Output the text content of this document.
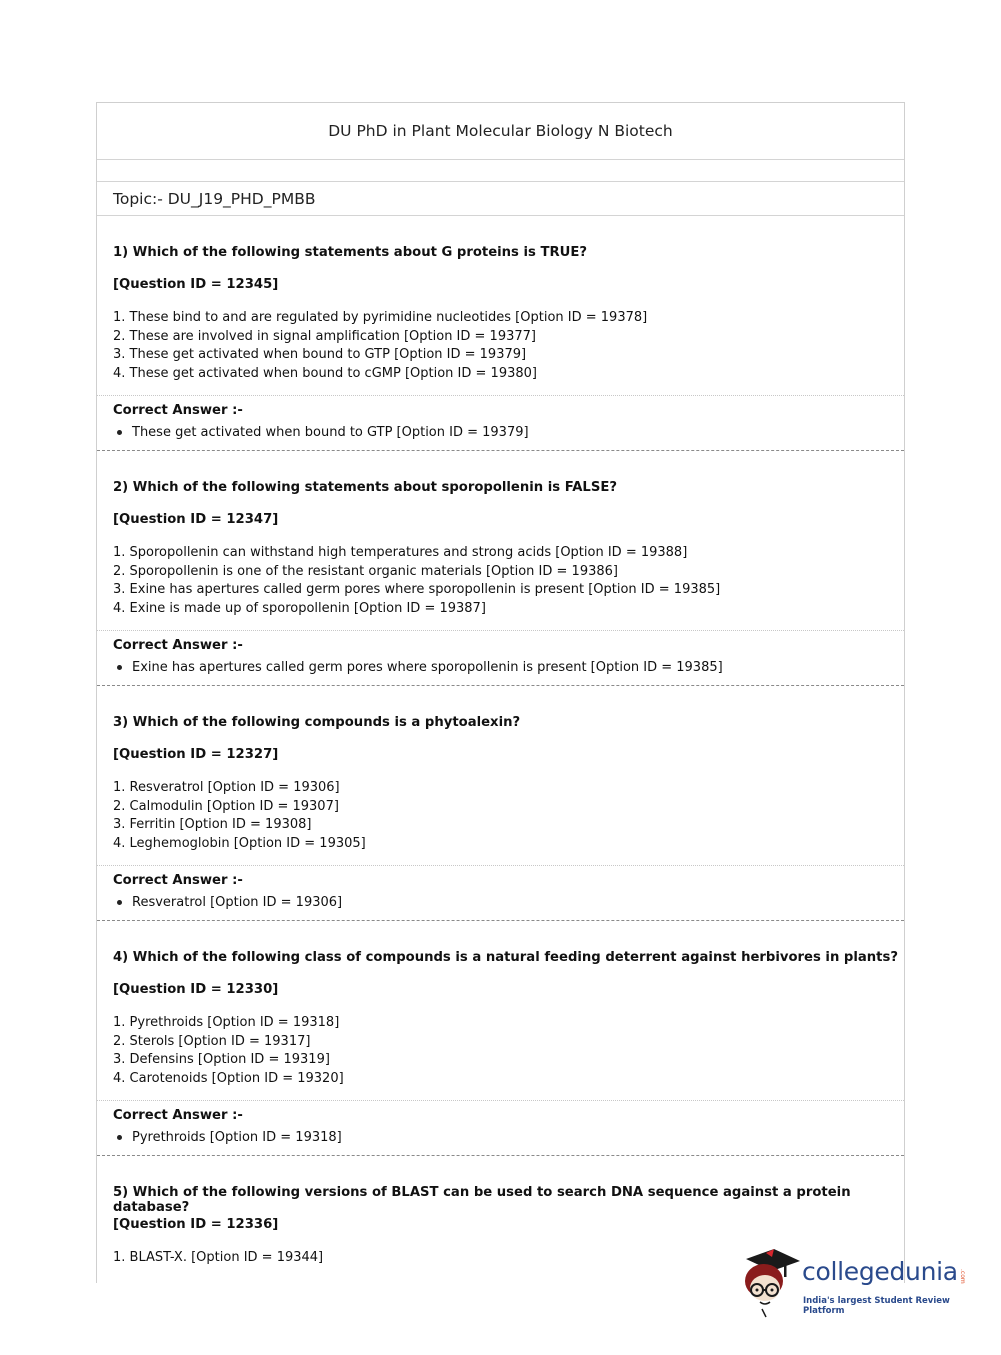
DU PhD in Plant Molecular Biology N Biotech
Topic:- DU_J19_PHD_PMBB
1) Which of the following statements about G proteins is TRUE?
[Question ID = 12345]
1. These bind to and are regulated by pyrimidine nucleotides [Option ID = 19378]
2. These are involved in signal amplification [Option ID = 19377]
3. These get activated when bound to GTP [Option ID = 19379]
4. These get activated when bound to cGMP [Option ID = 19380]
Correct Answer :-
These get activated when bound to GTP [Option ID = 19379]
2) Which of the following statements about sporopollenin is FALSE?
[Question ID = 12347]
1. Sporopollenin can withstand high temperatures and strong acids [Option ID = 19388]
2. Sporopollenin is one of the resistant organic materials [Option ID = 19386]
3. Exine has apertures called germ pores where sporopollenin is present [Option ID = 19385]
4. Exine is made up of sporopollenin [Option ID = 19387]
Correct Answer :-
Exine has apertures called germ pores where sporopollenin is present [Option ID = 19385]
3) Which of the following compounds is a phytoalexin?
[Question ID = 12327]
1. Resveratrol [Option ID = 19306]
2. Calmodulin [Option ID = 19307]
3. Ferritin [Option ID = 19308]
4. Leghemoglobin [Option ID = 19305]
Correct Answer :-
Resveratrol [Option ID = 19306]
4) Which of the following class of compounds is a natural feeding deterrent against herbivores in plants?
[Question ID = 12330]
1. Pyrethroids [Option ID = 19318]
2. Sterols [Option ID = 19317]
3. Defensins [Option ID = 19319]
4. Carotenoids [Option ID = 19320]
Correct Answer :-
Pyrethroids [Option ID = 19318]
5) Which of the following versions of BLAST can be used to search DNA sequence against a protein database?
[Question ID = 12336]
1. BLAST-X. [Option ID = 19344]	collegedunia .com
India's largest Student Review Platform
